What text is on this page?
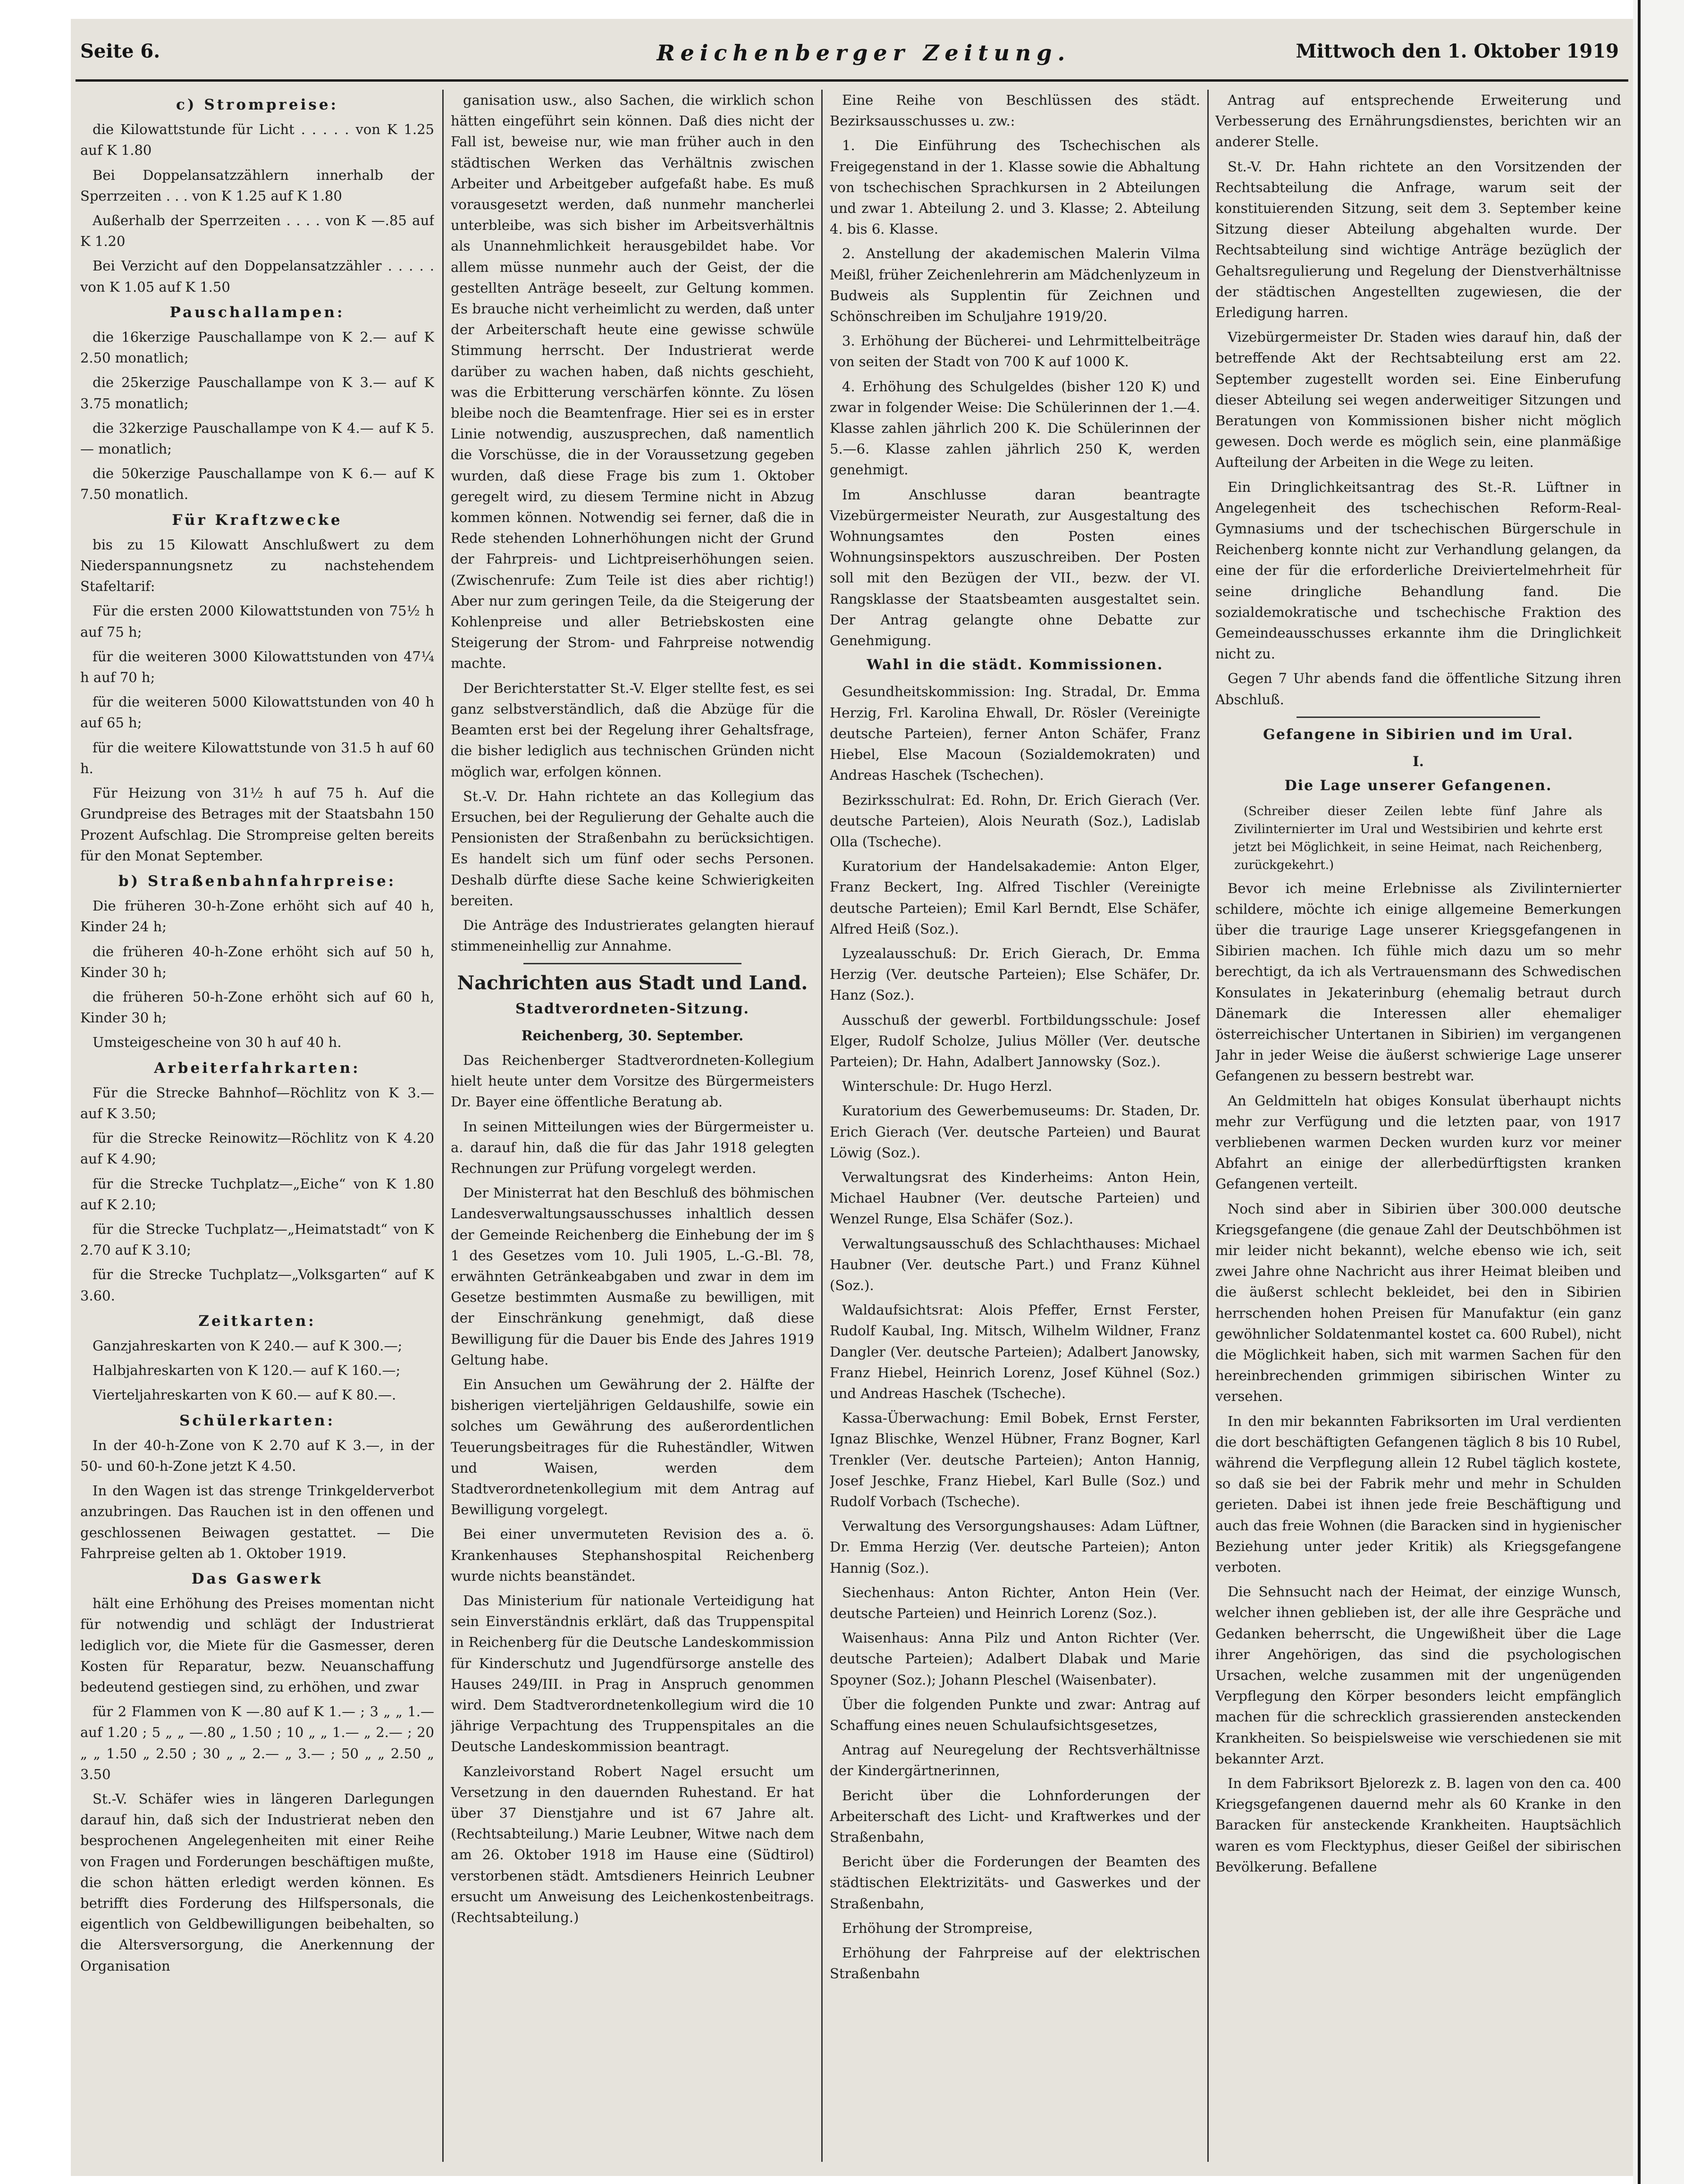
Seite 6.	Reichenberger Zeitung.	Mittwoch den 1. Oktober 1919
c) Strompreise:

die Kilowattstunde für Licht . . . . . von K 1.25 auf K 1.80

Bei Doppelansatzzählern innerhalb der Sperrzeiten . . . von K 1.25 auf K 1.80

Außerhalb der Sperrzeiten . . . . von K —.85 auf K 1.20

Bei Verzicht auf den Doppelansatzzähler . . . . . von K 1.05 auf K 1.50

Pauschallampen:

die 16kerzige Pauschallampe von K 2.— auf K 2.50 monatlich;

die 25kerzige Pauschallampe von K 3.— auf K 3.75 monatlich;

die 32kerzige Pauschallampe von K 4.— auf K 5.— monatlich;

die 50kerzige Pauschallampe von K 6.— auf K 7.50 monatlich.

Für Kraftzwecke

bis zu 15 Kilowatt Anschlußwert zu dem Niederspannungsnetz zu nachstehendem Stafeltarif:

Für die ersten 2000 Kilowattstunden von 75½ h auf 75 h;

für die weiteren 3000 Kilowattstunden von 47¼ h auf 70 h;

für die weiteren 5000 Kilowattstunden von 40 h auf 65 h;

für die weitere Kilowattstunde von 31.5 h auf 60 h.

Für Heizung von 31½ h auf 75 h. Auf die Grundpreise des Betrages mit der Staatsbahn 150 Prozent Aufschlag. Die Strompreise gelten bereits für den Monat September.

b) Straßenbahnfahrpreise:

Die früheren 30-h-Zone erhöht sich auf 40 h, Kinder 24 h;

die früheren 40-h-Zone erhöht sich auf 50 h, Kinder 30 h;

die früheren 50-h-Zone erhöht sich auf 60 h, Kinder 30 h;

Umsteigescheine von 30 h auf 40 h.

Arbeiterfahrkarten:

Für die Strecke Bahnhof—Röchlitz von K 3.— auf K 3.50;

für die Strecke Reinowitz—Röchlitz von K 4.20 auf K 4.90;

für die Strecke Tuchplatz—„Eiche“ von K 1.80 auf K 2.10;

für die Strecke Tuchplatz—„Heimatstadt“ von K 2.70 auf K 3.10;

für die Strecke Tuchplatz—„Volksgarten“ auf K 3.60.

Zeitkarten:

Ganzjahreskarten von K 240.— auf K 300.—;

Halbjahreskarten von K 120.— auf K 160.—;

Vierteljahreskarten von K 60.— auf K 80.—.

Schülerkarten:

In der 40-h-Zone von K 2.70 auf K 3.—, in der 50- und 60-h-Zone jetzt K 4.50.

In den Wagen ist das strenge Trinkgelderverbot anzubringen. Das Rauchen ist in den offenen und geschlossenen Beiwagen gestattet. — Die Fahrpreise gelten ab 1. Oktober 1919.

Das Gaswerk

hält eine Erhöhung des Preises momentan nicht für notwendig und schlägt der Industrierat lediglich vor, die Miete für die Gasmesser, deren Kosten für Reparatur, bezw. Neuanschaffung bedeutend gestiegen sind, zu erhöhen, und zwar

für 2 Flammen von K —.80 auf K 1.— ; 3 „ „ 1.— auf 1.20 ; 5 „ „ —.80 „ 1.50 ; 10 „ „ 1.— „ 2.— ; 20 „ „ 1.50 „ 2.50 ; 30 „ „ 2.— „ 3.— ; 50 „ „ 2.50 „ 3.50

St.-V. Schäfer wies in längeren Darlegungen darauf hin, daß sich der Industrierat neben den besprochenen Angelegenheiten mit einer Reihe von Fragen und Forderungen beschäftigen mußte, die schon hätten erledigt werden können. Es betrifft dies Forderung des Hilfspersonals, die eigentlich von Geldbewilligungen beibehalten, so die Altersversorgung, die Anerkennung der Organisation

ganisation usw., also Sachen, die wirklich schon hätten eingeführt sein können. Daß dies nicht der Fall ist, beweise nur, wie man früher auch in den städtischen Werken das Verhältnis zwischen Arbeiter und Arbeitgeber aufgefaßt habe. Es muß vorausgesetzt werden, daß nunmehr mancherlei unterbleibe, was sich bisher im Arbeitsverhältnis als Unannehmlichkeit herausgebildet habe. Vor allem müsse nunmehr auch der Geist, der die gestellten Anträge beseelt, zur Geltung kommen. Es brauche nicht verheimlicht zu werden, daß unter der Arbeiterschaft heute eine gewisse schwüle Stimmung herrscht. Der Industrierat werde darüber zu wachen haben, daß nichts geschieht, was die Erbitterung verschärfen könnte. Zu lösen bleibe noch die Beamtenfrage. Hier sei es in erster Linie notwendig, auszusprechen, daß namentlich die Vorschüsse, die in der Voraussetzung gegeben wurden, daß diese Frage bis zum 1. Oktober geregelt wird, zu diesem Termine nicht in Abzug kommen können. Notwendig sei ferner, daß die in Rede stehenden Lohnerhöhungen nicht der Grund der Fahrpreis- und Lichtpreiserhöhungen seien. (Zwischenrufe: Zum Teile ist dies aber richtig!) Aber nur zum geringen Teile, da die Steigerung der Kohlenpreise und aller Betriebskosten eine Steigerung der Strom- und Fahrpreise notwendig machte.

Der Berichterstatter St.-V. Elger stellte fest, es sei ganz selbstverständlich, daß die Abzüge für die Beamten erst bei der Regelung ihrer Gehaltsfrage, die bisher lediglich aus technischen Gründen nicht möglich war, erfolgen können.

St.-V. Dr. Hahn richtete an das Kollegium das Ersuchen, bei der Regulierung der Gehalte auch die Pensionisten der Straßenbahn zu berücksichtigen. Es handelt sich um fünf oder sechs Personen. Deshalb dürfte diese Sache keine Schwierigkeiten bereiten.

Die Anträge des Industrierates gelangten hierauf stimmeneinhellig zur Annahme.

Nachrichten aus Stadt und Land.
Stadtverordneten-Sitzung.

Reichenberg, 30. September.

Das Reichenberger Stadtverordneten-Kollegium hielt heute unter dem Vorsitze des Bürgermeisters Dr. Bayer eine öffentliche Beratung ab.

In seinen Mitteilungen wies der Bürgermeister u. a. darauf hin, daß die für das Jahr 1918 gelegten Rechnungen zur Prüfung vorgelegt werden.

Der Ministerrat hat den Beschluß des böhmischen Landesverwaltungsausschusses inhaltlich dessen der Gemeinde Reichenberg die Einhebung der im § 1 des Gesetzes vom 10. Juli 1905, L.-G.-Bl. 78, erwähnten Getränkeabgaben und zwar in dem im Gesetze bestimmten Ausmaße zu bewilligen, mit der Einschränkung genehmigt, daß diese Bewilligung für die Dauer bis Ende des Jahres 1919 Geltung habe.

Ein Ansuchen um Gewährung der 2. Hälfte der bisherigen vierteljährigen Geldaushilfe, sowie ein solches um Gewährung des außerordentlichen Teuerungsbeitrages für die Ruheständler, Witwen und Waisen, werden dem Stadtverordnetenkollegium mit dem Antrag auf Bewilligung vorgelegt.

Bei einer unvermuteten Revision des a. ö. Krankenhauses Stephanshospital Reichenberg wurde nichts beanständet.

Das Ministerium für nationale Verteidigung hat sein Einverständnis erklärt, daß das Truppenspital in Reichenberg für die Deutsche Landeskommission für Kinderschutz und Jugendfürsorge anstelle des Hauses 249/III. in Prag in Anspruch genommen wird. Dem Stadtverordnetenkollegium wird die 10 jährige Verpachtung des Truppenspitales an die Deutsche Landeskommission beantragt.

Kanzleivorstand Robert Nagel ersucht um Versetzung in den dauernden Ruhestand. Er hat über 37 Dienstjahre und ist 67 Jahre alt. (Rechtsabteilung.) Marie Leubner, Witwe nach dem am 26. Oktober 1918 im Hause eine (Südtirol) verstorbenen städt. Amtsdieners Heinrich Leubner ersucht um Anweisung des Leichenkostenbeitrags. (Rechtsabteilung.)

Eine Reihe von Beschlüssen des städt. Bezirksausschusses u. zw.:

1. Die Einführung des Tschechischen als Freigegenstand in der 1. Klasse sowie die Abhaltung von tschechischen Sprachkursen in 2 Abteilungen und zwar 1. Abteilung 2. und 3. Klasse; 2. Abteilung 4. bis 6. Klasse.

2. Anstellung der akademischen Malerin Vilma Meißl, früher Zeichenlehrerin am Mädchenlyzeum in Budweis als Supplentin für Zeichnen und Schönschreiben im Schuljahre 1919/20.

3. Erhöhung der Bücherei- und Lehrmittelbeiträge von seiten der Stadt von 700 K auf 1000 K.

4. Erhöhung des Schulgeldes (bisher 120 K) und zwar in folgender Weise: Die Schülerinnen der 1.—4. Klasse zahlen jährlich 200 K. Die Schülerinnen der 5.—6. Klasse zahlen jährlich 250 K, werden genehmigt.

Im Anschlusse daran beantragte Vizebürgermeister Neurath, zur Ausgestaltung des Wohnungsamtes den Posten eines Wohnungsinspektors auszuschreiben. Der Posten soll mit den Bezügen der VII., bezw. der VI. Rangsklasse der Staatsbeamten ausgestaltet sein. Der Antrag gelangte ohne Debatte zur Genehmigung.

Wahl in die städt. Kommissionen.

Gesundheitskommission: Ing. Stradal, Dr. Emma Herzig, Frl. Karolina Ehwall, Dr. Rösler (Vereinigte deutsche Parteien), ferner Anton Schäfer, Franz Hiebel, Else Macoun (Sozialdemokraten) und Andreas Haschek (Tschechen).

Bezirksschulrat: Ed. Rohn, Dr. Erich Gierach (Ver. deutsche Parteien), Alois Neurath (Soz.), Ladislab Olla (Tscheche).

Kuratorium der Handelsakademie: Anton Elger, Franz Beckert, Ing. Alfred Tischler (Vereinigte deutsche Parteien); Emil Karl Berndt, Else Schäfer, Alfred Heiß (Soz.).

Lyzealausschuß: Dr. Erich Gierach, Dr. Emma Herzig (Ver. deutsche Parteien); Else Schäfer, Dr. Hanz (Soz.).

Ausschuß der gewerbl. Fortbildungsschule: Josef Elger, Rudolf Scholze, Julius Möller (Ver. deutsche Parteien); Dr. Hahn, Adalbert Jannowsky (Soz.).

Winterschule: Dr. Hugo Herzl.

Kuratorium des Gewerbemuseums: Dr. Staden, Dr. Erich Gierach (Ver. deutsche Parteien) und Baurat Löwig (Soz.).

Verwaltungsrat des Kinderheims: Anton Hein, Michael Haubner (Ver. deutsche Parteien) und Wenzel Runge, Elsa Schäfer (Soz.).

Verwaltungsausschuß des Schlachthauses: Michael Haubner (Ver. deutsche Part.) und Franz Kühnel (Soz.).

Waldaufsichtsrat: Alois Pfeffer, Ernst Ferster, Rudolf Kaubal, Ing. Mitsch, Wilhelm Wildner, Franz Dangler (Ver. deutsche Parteien); Adalbert Janowsky, Franz Hiebel, Heinrich Lorenz, Josef Kühnel (Soz.) und Andreas Haschek (Tscheche).

Kassa-Überwachung: Emil Bobek, Ernst Ferster, Ignaz Blischke, Wenzel Hübner, Franz Bogner, Karl Trenkler (Ver. deutsche Parteien); Anton Hannig, Josef Jeschke, Franz Hiebel, Karl Bulle (Soz.) und Rudolf Vorbach (Tscheche).

Verwaltung des Versorgungshauses: Adam Lüftner, Dr. Emma Herzig (Ver. deutsche Parteien); Anton Hannig (Soz.).

Siechenhaus: Anton Richter, Anton Hein (Ver. deutsche Parteien) und Heinrich Lorenz (Soz.).

Waisenhaus: Anna Pilz und Anton Richter (Ver. deutsche Parteien); Adalbert Dlabak und Marie Spoyner (Soz.); Johann Pleschel (Waisenbater).

Über die folgenden Punkte und zwar: Antrag auf Schaffung eines neuen Schulaufsichtsgesetzes,

Antrag auf Neuregelung der Rechtsverhältnisse der Kindergärtnerinnen,

Bericht über die Lohnforderungen der Arbeiterschaft des Licht- und Kraftwerkes und der Straßenbahn,

Bericht über die Forderungen der Beamten des städtischen Elektrizitäts- und Gaswerkes und der Straßenbahn,

Erhöhung der Strompreise,

Erhöhung der Fahrpreise auf der elektrischen Straßenbahn

Antrag auf entsprechende Erweiterung und Verbesserung des Ernährungsdienstes, berichten wir an anderer Stelle.

St.-V. Dr. Hahn richtete an den Vorsitzenden der Rechtsabteilung die Anfrage, warum seit der konstituierenden Sitzung, seit dem 3. September keine Sitzung dieser Abteilung abgehalten wurde. Der Rechtsabteilung sind wichtige Anträge bezüglich der Gehaltsregulierung und Regelung der Dienstverhältnisse der städtischen Angestellten zugewiesen, die der Erledigung harren.

Vizebürgermeister Dr. Staden wies darauf hin, daß der betreffende Akt der Rechtsabteilung erst am 22. September zugestellt worden sei. Eine Einberufung dieser Abteilung sei wegen anderweitiger Sitzungen und Beratungen von Kommissionen bisher nicht möglich gewesen. Doch werde es möglich sein, eine planmäßige Aufteilung der Arbeiten in die Wege zu leiten.

Ein Dringlichkeitsantrag des St.-R. Lüftner in Angelegenheit des tschechischen Reform-Real-Gymnasiums und der tschechischen Bürgerschule in Reichenberg konnte nicht zur Verhandlung gelangen, da eine der für die erforderliche Dreiviertelmehrheit für seine dringliche Behandlung fand. Die sozialdemokratische und tschechische Fraktion des Gemeindeausschusses erkannte ihm die Dringlichkeit nicht zu.

Gegen 7 Uhr abends fand die öffentliche Sitzung ihren Abschluß.

Gefangene in Sibirien und im Ural.

I.

Die Lage unserer Gefangenen.

(Schreiber dieser Zeilen lebte fünf Jahre als Zivilinternierter im Ural und Westsibirien und kehrte erst jetzt bei Möglichkeit, in seine Heimat, nach Reichenberg, zurückgekehrt.)

Bevor ich meine Erlebnisse als Zivilinternierter schildere, möchte ich einige allgemeine Bemerkungen über die traurige Lage unserer Kriegsgefangenen in Sibirien machen. Ich fühle mich dazu um so mehr berechtigt, da ich als Vertrauensmann des Schwedischen Konsulates in Jekaterinburg (ehemalig betraut durch Dänemark die Interessen aller ehemaliger österreichischer Untertanen in Sibirien) im vergangenen Jahr in jeder Weise die äußerst schwierige Lage unserer Gefangenen zu bessern bestrebt war.

An Geldmitteln hat obiges Konsulat überhaupt nichts mehr zur Verfügung und die letzten paar, von 1917 verbliebenen warmen Decken wurden kurz vor meiner Abfahrt an einige der allerbedürftigsten kranken Gefangenen verteilt.

Noch sind aber in Sibirien über 300.000 deutsche Kriegsgefangene (die genaue Zahl der Deutschböhmen ist mir leider nicht bekannt), welche ebenso wie ich, seit zwei Jahre ohne Nachricht aus ihrer Heimat bleiben und die äußerst schlecht bekleidet, bei den in Sibirien herrschenden hohen Preisen für Manufaktur (ein ganz gewöhnlicher Soldatenmantel kostet ca. 600 Rubel), nicht die Möglichkeit haben, sich mit warmen Sachen für den hereinbrechenden grimmigen sibirischen Winter zu versehen.

In den mir bekannten Fabriksorten im Ural verdienten die dort beschäftigten Gefangenen täglich 8 bis 10 Rubel, während die Verpflegung allein 12 Rubel täglich kostete, so daß sie bei der Fabrik mehr und mehr in Schulden gerieten. Dabei ist ihnen jede freie Beschäftigung und auch das freie Wohnen (die Baracken sind in hygienischer Beziehung unter jeder Kritik) als Kriegsgefangene verboten.

Die Sehnsucht nach der Heimat, der einzige Wunsch, welcher ihnen geblieben ist, der alle ihre Gespräche und Gedanken beherrscht, die Ungewißheit über die Lage ihrer Angehörigen, das sind die psychologischen Ursachen, welche zusammen mit der ungenügenden Verpflegung den Körper besonders leicht empfänglich machen für die schrecklich grassierenden ansteckenden Krankheiten. So beispielsweise wie verschiedenen sie mit bekannter Arzt.

In dem Fabriksort Bjelorezk z. B. lagen von den ca. 400 Kriegsgefangenen dauernd mehr als 60 Kranke in den Baracken für ansteckende Krankheiten. Hauptsächlich waren es vom Flecktyphus, dieser Geißel der sibirischen Bevölkerung. Befallene
